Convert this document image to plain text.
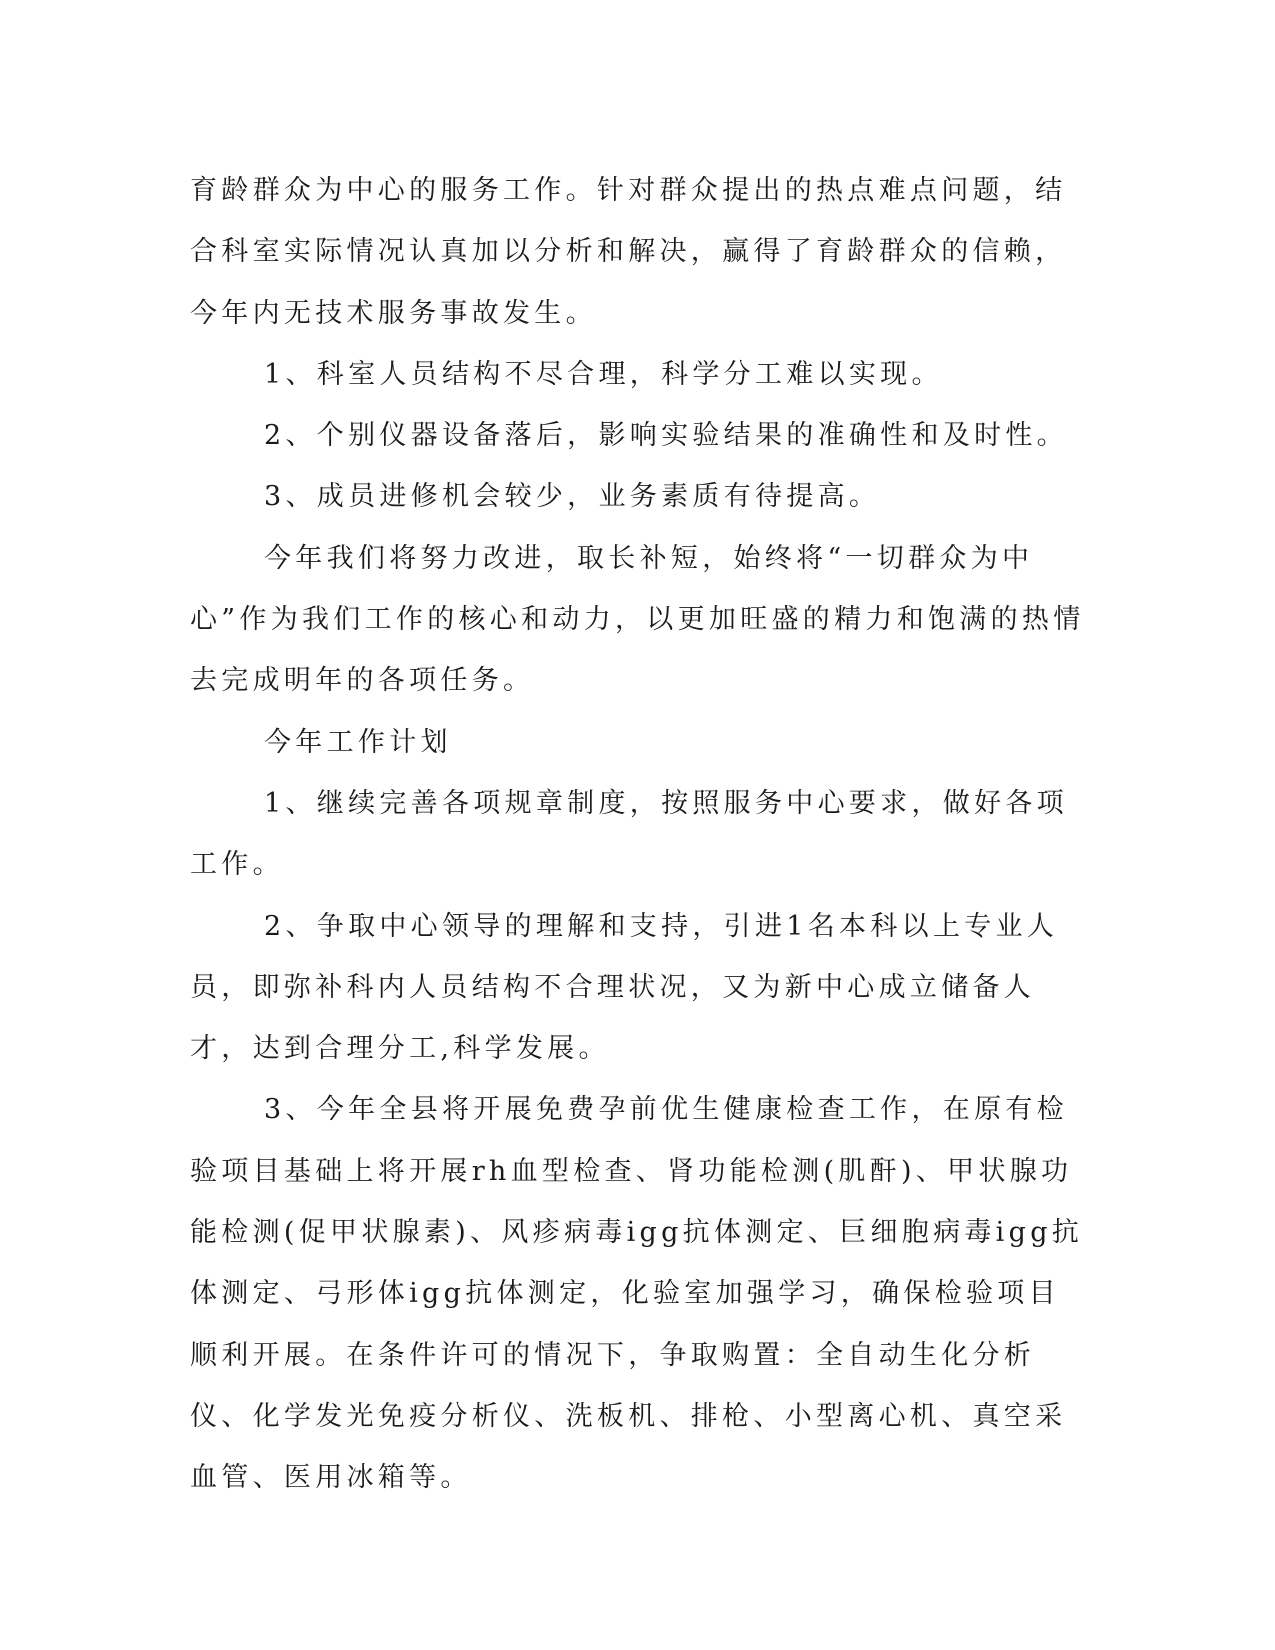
育龄群众为中心的服务工作。针对群众提出的热点难点问题，结合科室实际情况认真加以分析和解决，赢得了育龄群众的信赖，今年内无技术服务事故发生。

1、科室人员结构不尽合理，科学分工难以实现。

2、个别仪器设备落后，影响实验结果的准确性和及时性。

3、成员进修机会较少，业务素质有待提高。

今年我们将努力改进，取长补短，始终将“一切群众为中心”作为我们工作的核心和动力，以更加旺盛的精力和饱满的热情去完成明年的各项任务。

今年工作计划

1、继续完善各项规章制度，按照服务中心要求，做好各项工作。

2、争取中心领导的理解和支持，引进1名本科以上专业人员，即弥补科内人员结构不合理状况，又为新中心成立储备人才，达到合理分工,科学发展。

3、今年全县将开展免费孕前优生健康检查工作，在原有检验项目基础上将开展rh血型检查、肾功能检测(肌酐)、甲状腺功能检测(促甲状腺素)、风疹病毒igg抗体测定、巨细胞病毒igg抗体测定、弓形体igg抗体测定，化验室加强学习，确保检验项目顺利开展。在条件许可的情况下，争取购置：全自动生化分析仪、化学发光免疫分析仪、洗板机、排枪、小型离心机、真空采血管、医用冰箱等。
